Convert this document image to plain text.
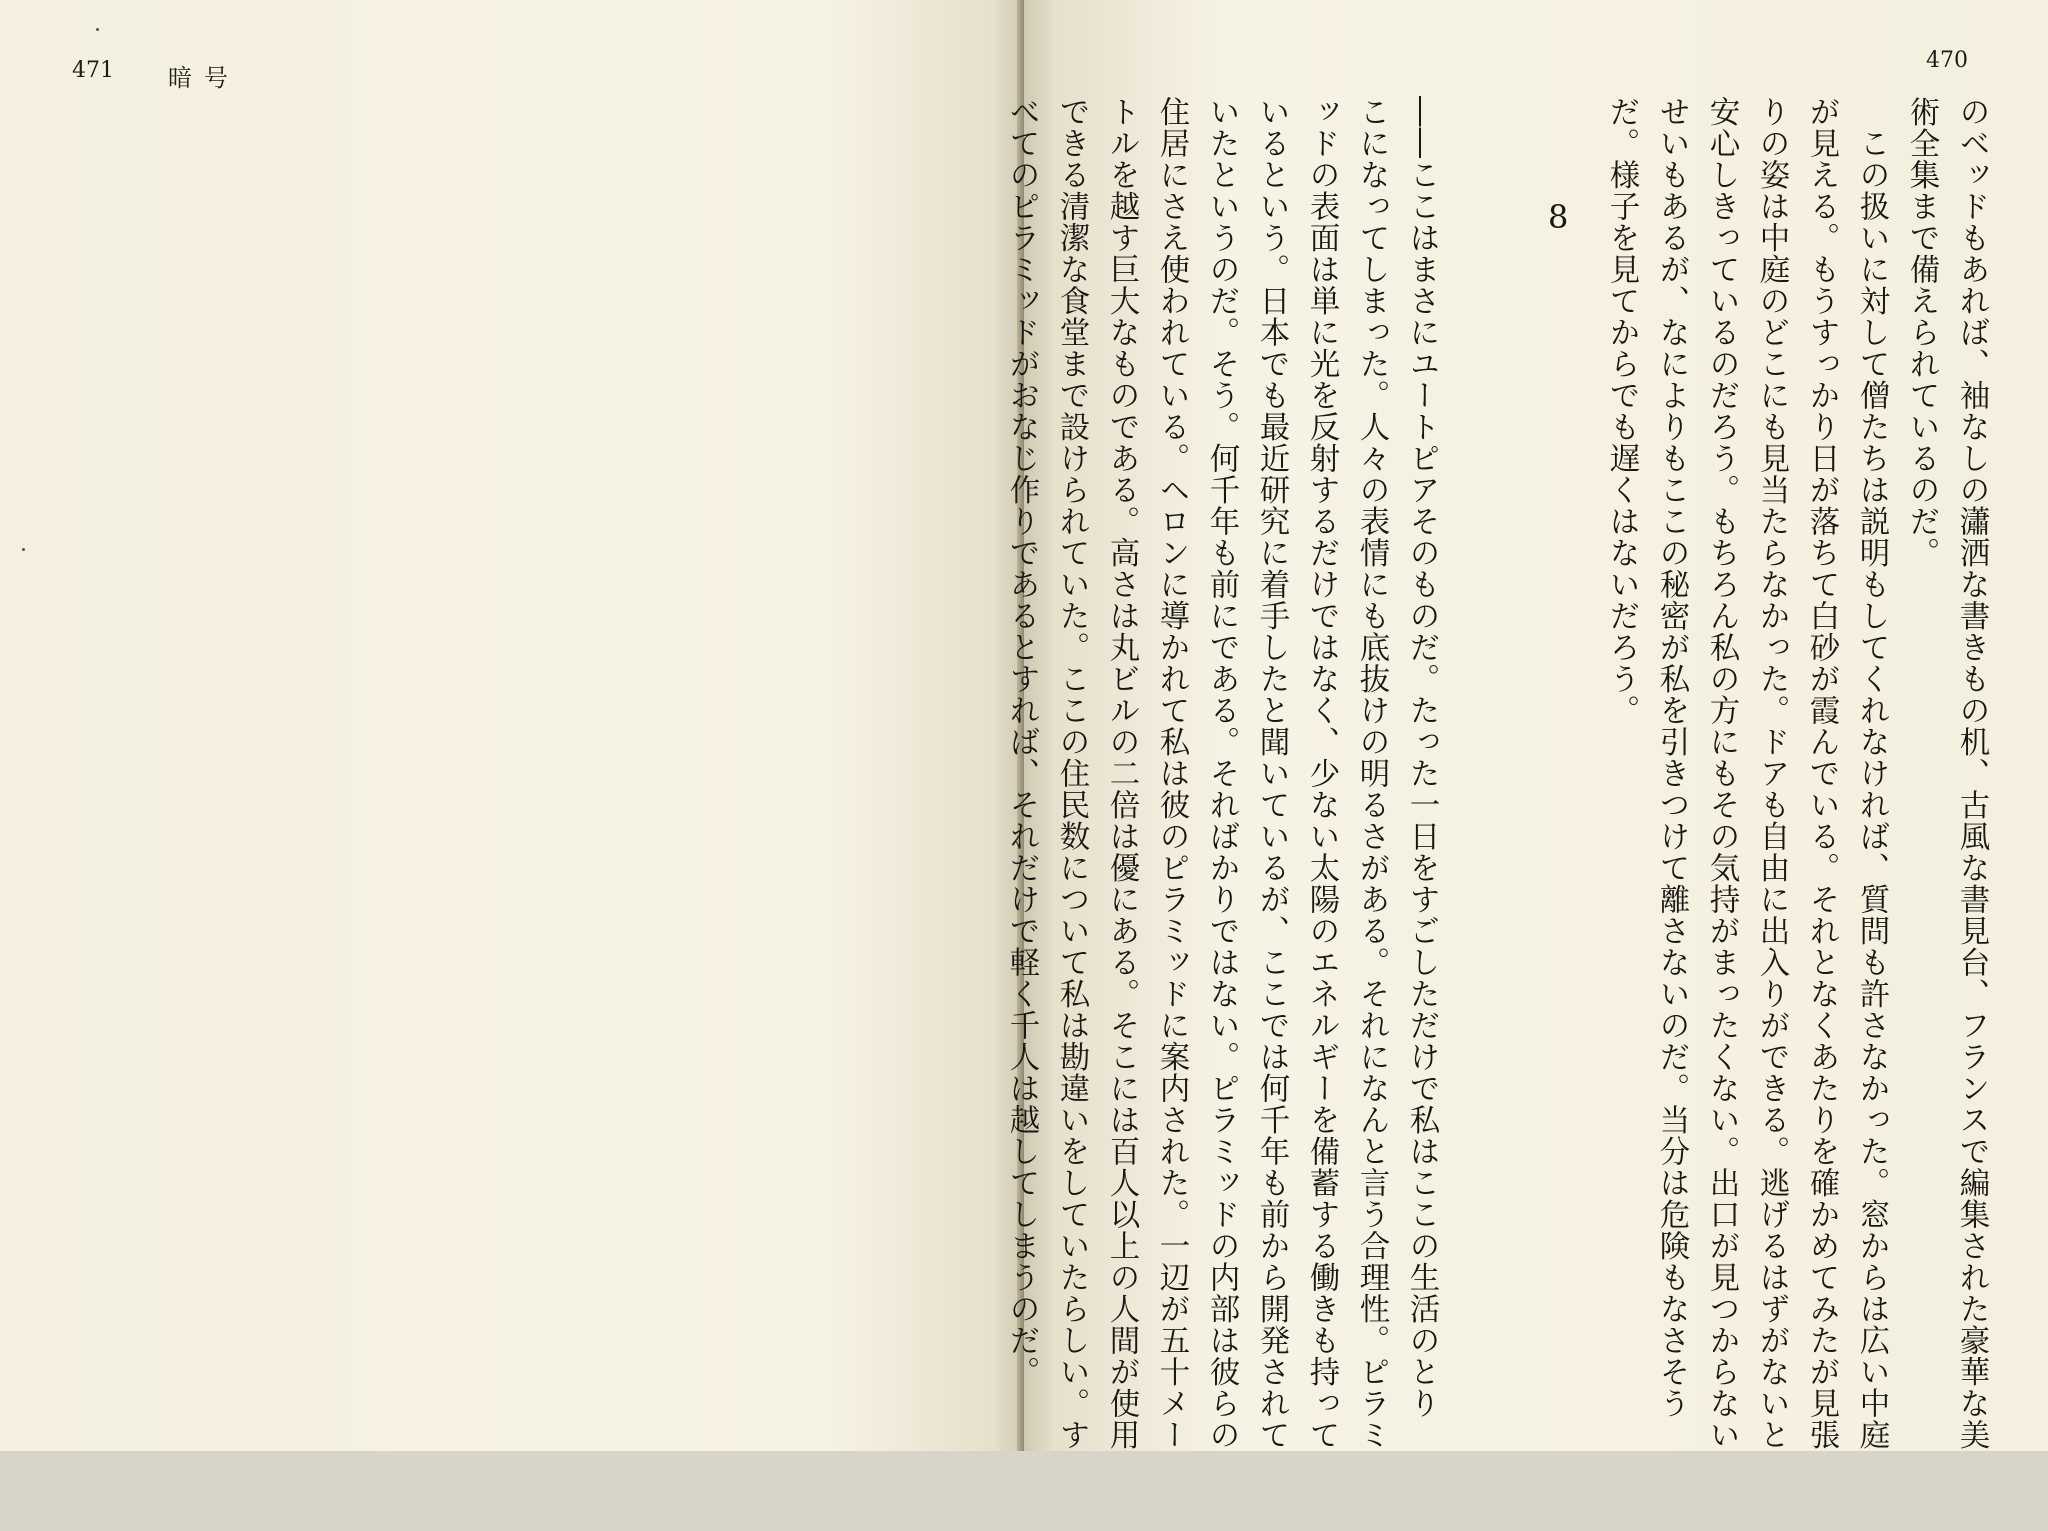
471 暗号
470
のベッドもあれば、袖なしの瀟洒な書きもの机、古風な書見台、フランスで編集された豪華な美
術全集まで備えられているのだ。
　この扱いに対して僧たちは説明もしてくれなければ、質問も許さなかった。窓からは広い中庭
が見える。もうすっかり日が落ちて白砂が霞んでいる。それとなくあたりを確かめてみたが見張
りの姿は中庭のどこにも見当たらなかった。ドアも自由に出入りができる。逃げるはずがないと
安心しきっているのだろう。もちろん私の方にもその気持がまったくない。出口が見つからない
せいもあるが、なによりもここの秘密が私を引きつけて離さないのだ。当分は危険もなさそう
だ。様子を見てからでも遅くはないだろう。

――ここはまさにユートピアそのものだ。たった一日をすごしただけで私はここの生活のとり
こになってしまった。人々の表情にも底抜けの明るさがある。それになんと言う合理性。ピラミ
ッドの表面は単に光を反射するだけではなく、少ない太陽のエネルギーを備蓄する働きも持って
いるという。日本でも最近研究に着手したと聞いているが、ここでは何千年も前から開発されて
いたというのだ。そう。何千年も前にである。そればかりではない。ピラミッドの内部は彼らの
住居にさえ使われている。ヘロンに導かれて私は彼のピラミッドに案内された。一辺が五十メー
トルを越す巨大なものである。高さは丸ビルの二倍は優にある。そこには百人以上の人間が使用
できる清潔な食堂まで設けられていた。ここの住民数について私は勘違いをしていたらしい。す
べてのピラミッドがおなじ作りであるとすれば、それだけで軽く千人は越してしまうのだ。	8
